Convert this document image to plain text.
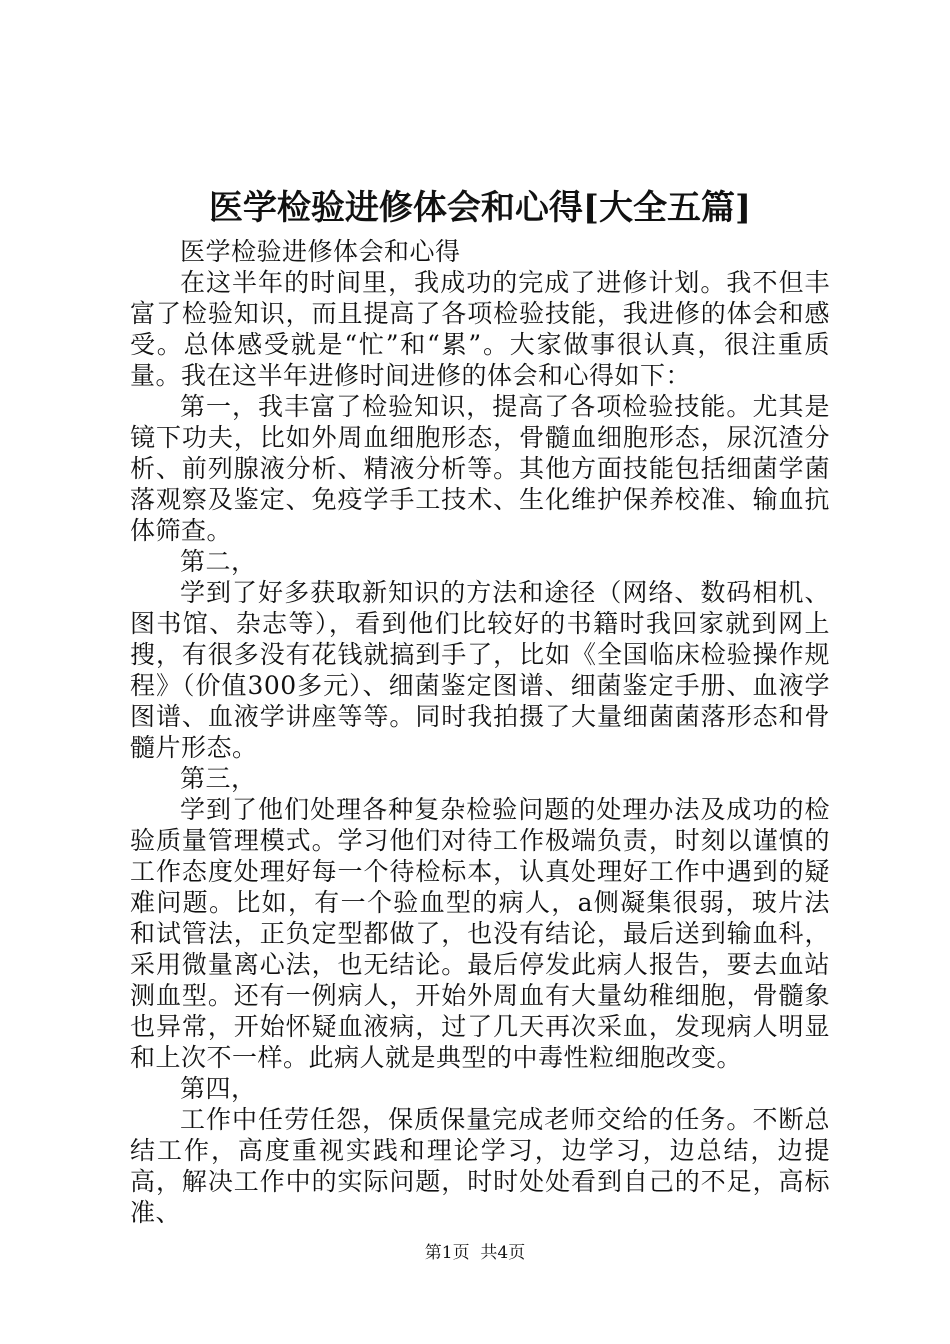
医学检验进修体会和心得[大全五篇]

医学检验进修体会和心得

在这半年的时间里，我成功的完成了进修计划。我不但丰富了检验知识，而且提高了各项检验技能，我进修的体会和感受。总体感受就是“忙”和“累”。大家做事很认真，很注重质量。我在这半年进修时间进修的体会和心得如下：

第一，我丰富了检验知识，提高了各项检验技能。尤其是镜下功夫，比如外周血细胞形态，骨髓血细胞形态，尿沉渣分析、前列腺液分析、精液分析等。其他方面技能包括细菌学菌落观察及鉴定、免疫学手工技术、生化维护保养校准、输血抗体筛查。

第二，

学到了好多获取新知识的方法和途径（网络、数码相机、图书馆、杂志等），看到他们比较好的书籍时我回家就到网上搜，有很多没有花钱就搞到手了，比如《全国临床检验操作规程》（价值300多元）、细菌鉴定图谱、细菌鉴定手册、血液学图谱、血液学讲座等等。同时我拍摄了大量细菌菌落形态和骨髓片形态。

第三，

学到了他们处理各种复杂检验问题的处理办法及成功的检验质量管理模式。学习他们对待工作极端负责，时刻以谨慎的工作态度处理好每一个待检标本，认真处理好工作中遇到的疑难问题。比如，有一个验血型的病人，a侧凝集很弱，玻片法和试管法，正负定型都做了，也没有结论，最后送到输血科，采用微量离心法，也无结论。最后停发此病人报告，要去血站测血型。还有一例病人，开始外周血有大量幼稚细胞，骨髓象也异常，开始怀疑血液病，过了几天再次采血，发现病人明显和上次不一样。此病人就是典型的中毒性粒细胞改变。

第四，

工作中任劳任怨，保质保量完成老师交给的任务。不断总结工作，高度重视实践和理论学习，边学习，边总结，边提高，解决工作中的实际问题，时时处处看到自己的不足，高标准、

第1页 共4页
